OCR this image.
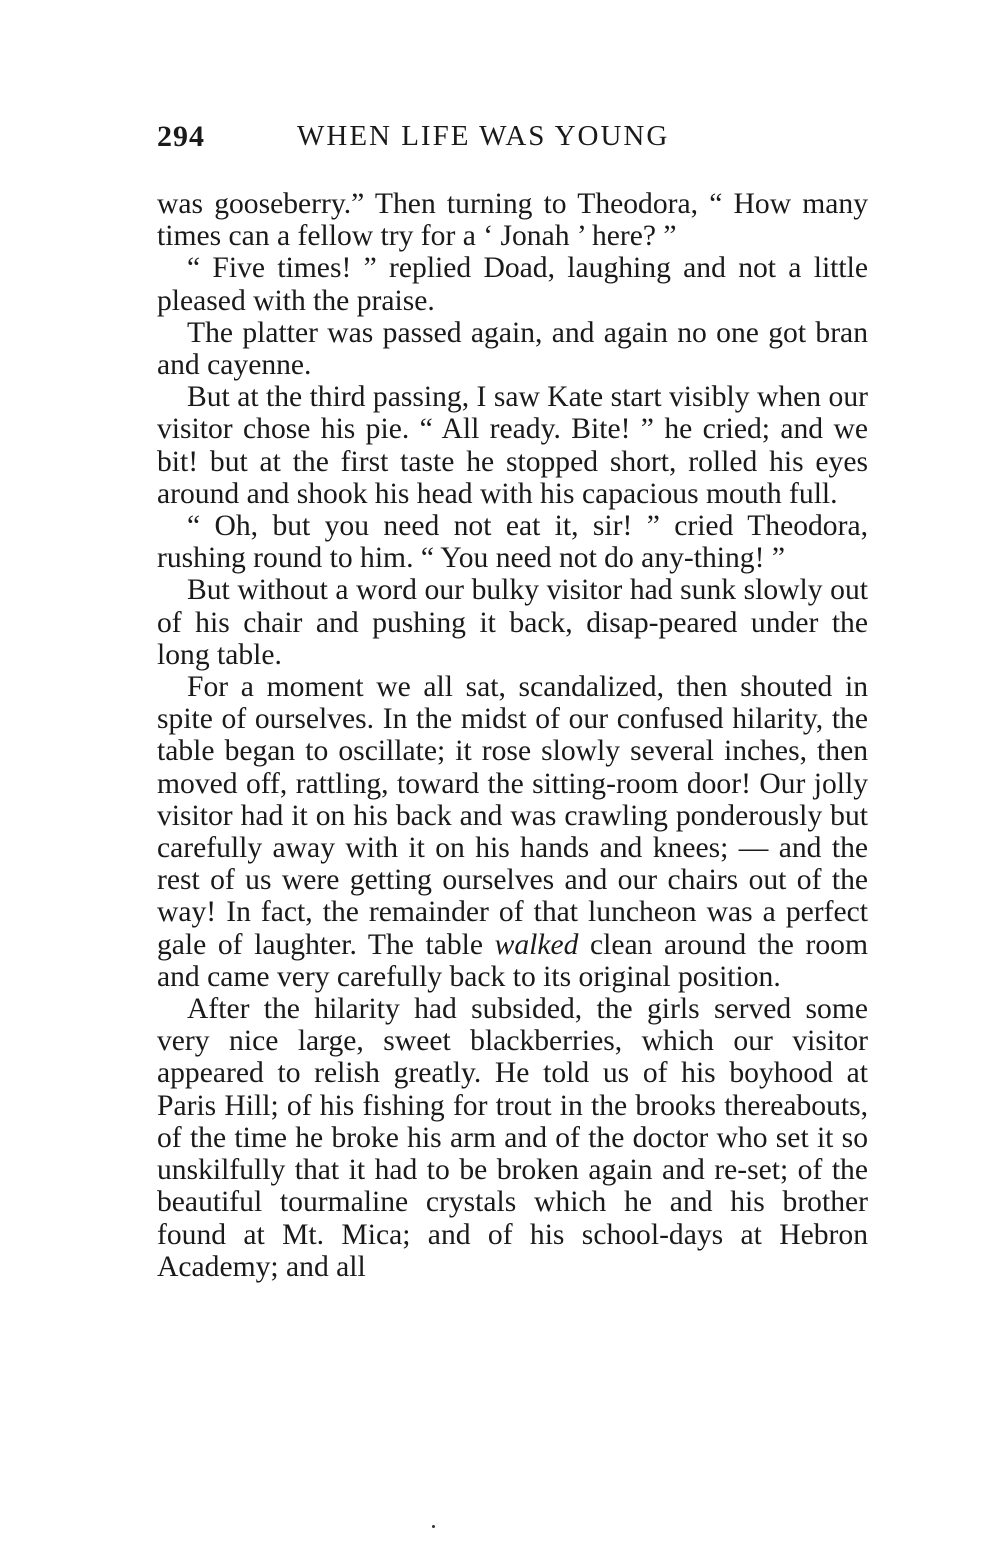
294	WHEN LIFE WAS YOUNG

was gooseberry.” Then turning to Theodora, “ How many times can a fellow try for a ‘ Jonah ’ here? ”

“ Five times! ” replied Doad, laughing and not a little pleased with the praise.

The platter was passed again, and again no one got bran and cayenne.

But at the third passing, I saw Kate start visibly when our visitor chose his pie. “ All ready. Bite! ” he cried; and we bit! but at the first taste he stopped short, rolled his eyes around and shook his head with his capacious mouth full.

“ Oh, but you need not eat it, sir! ” cried Theodora, rushing round to him. “ You need not do any-thing! ”

But without a word our bulky visitor had sunk slowly out of his chair and pushing it back, disap-peared under the long table.

For a moment we all sat, scandalized, then shouted in spite of ourselves. In the midst of our confused hilarity, the table began to oscillate; it rose slowly several inches, then moved off, rattling, toward the sitting-room door! Our jolly visitor had it on his back and was crawling ponderously but carefully away with it on his hands and knees; — and the rest of us were getting ourselves and our chairs out of the way! In fact, the remainder of that luncheon was a perfect gale of laughter. The table walked clean around the room and came very carefully back to its original position.

After the hilarity had subsided, the girls served some very nice large, sweet blackberries, which our visitor appeared to relish greatly. He told us of his boyhood at Paris Hill; of his fishing for trout in the brooks thereabouts, of the time he broke his arm and of the doctor who set it so unskilfully that it had to be broken again and re-set; of the beautiful tourmaline crystals which he and his brother found at Mt. Mica; and of his school-days at Hebron Academy; and all
